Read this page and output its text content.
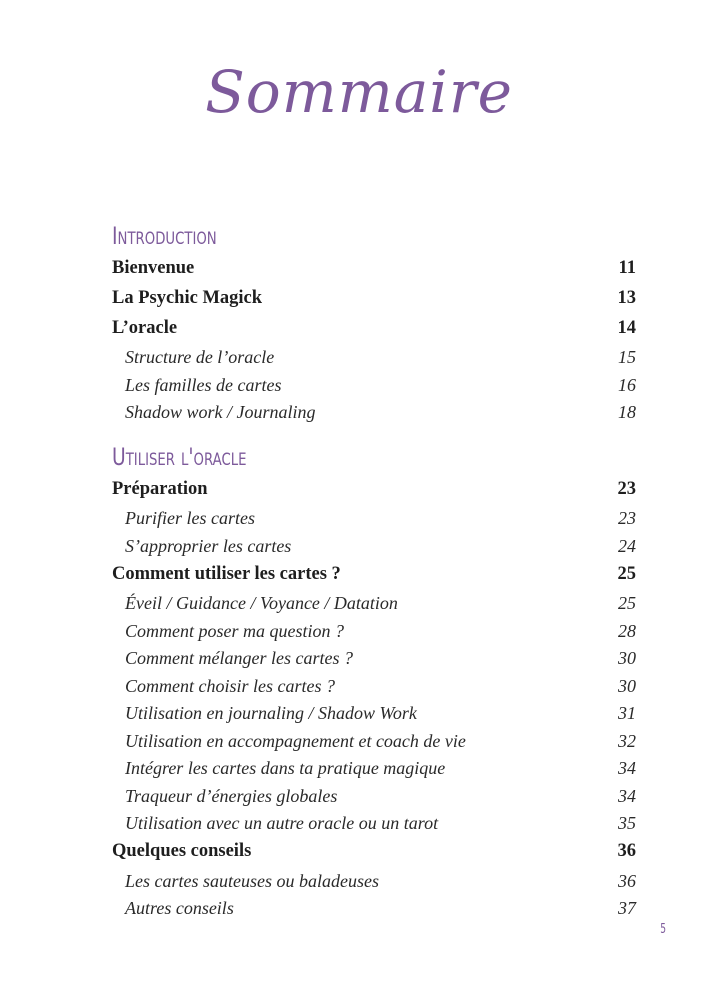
Sommaire
Introduction
Bienvenue	11
La Psychic Magick	13
L’oracle	14
Structure de l’oracle	15
Les familles de cartes	16
Shadow work / Journaling	18
Utiliser l'oracle
Préparation	23
Purifier les cartes	23
S’approprier les cartes	24
Comment utiliser les cartes ?	25
Éveil / Guidance / Voyance / Datation	25
Comment poser ma question ?	28
Comment mélanger les cartes ?	30
Comment choisir les cartes ?	30
Utilisation en journaling / Shadow Work	31
Utilisation en accompagnement et coach de vie	32
Intégrer les cartes dans ta pratique magique	34
Traqueur d’énergies globales	34
Utilisation avec un autre oracle ou un tarot	35
Quelques conseils	36
Les cartes sauteuses ou baladeuses	36
Autres conseils	37
5
